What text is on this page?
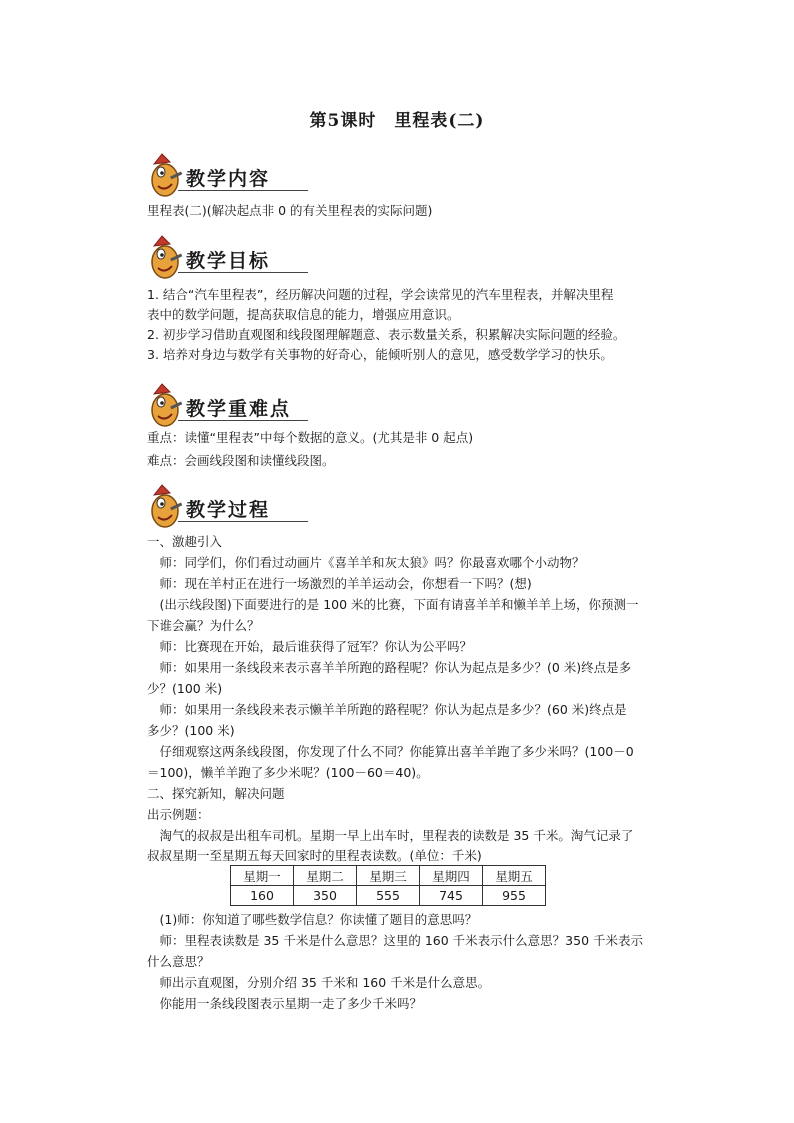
第5课时　里程表(二)
教学内容
里程表(二)(解决起点非 0 的有关里程表的实际问题)
教学目标
1. 结合“汽车里程表”，经历解决问题的过程，学会读常见的汽车里程表，并解决里程
表中的数学问题，提高获取信息的能力，增强应用意识。
2. 初步学习借助直观图和线段图理解题意、表示数量关系，积累解决实际问题的经验。
3. 培养对身边与数学有关事物的好奇心，能倾听别人的意见，感受数学学习的快乐。
教学重难点
重点：读懂“里程表”中每个数据的意义。(尤其是非 0 起点)
难点：会画线段图和读懂线段图。
教学过程
一、激趣引入
　师：同学们，你们看过动画片《喜羊羊和灰太狼》吗？你最喜欢哪个小动物？
　师：现在羊村正在进行一场激烈的羊羊运动会，你想看一下吗？(想)
　(出示线段图)下面要进行的是 100 米的比赛，下面有请喜羊羊和懒羊羊上场，你预测一
下谁会赢？为什么？
　师：比赛现在开始，最后谁获得了冠军？你认为公平吗？
　师：如果用一条线段来表示喜羊羊所跑的路程呢？你认为起点是多少？(0 米)终点是多
少？(100 米)
　师：如果用一条线段来表示懒羊羊所跑的路程呢？你认为起点是多少？(60 米)终点是
多少？(100 米)
　仔细观察这两条线段图，你发现了什么不同？你能算出喜羊羊跑了多少米吗？(100－0
＝100)，懒羊羊跑了多少米呢？(100－60＝40)。
二、探究新知，解决问题
出示例题：
　淘气的叔叔是出租车司机。星期一早上出车时，里程表的读数是 35 千米。淘气记录了
叔叔星期一至星期五每天回家时的里程表读数。(单位：千米)
星期一	星期二	星期三	星期四	星期五
160	350	555	745	955
　(1)师：你知道了哪些数学信息？你读懂了题目的意思吗？
　师：里程表读数是 35 千米是什么意思？这里的 160 千米表示什么意思？350 千米表示
什么意思？
　师出示直观图，分别介绍 35 千米和 160 千米是什么意思。
　你能用一条线段图表示星期一走了多少千米吗？
